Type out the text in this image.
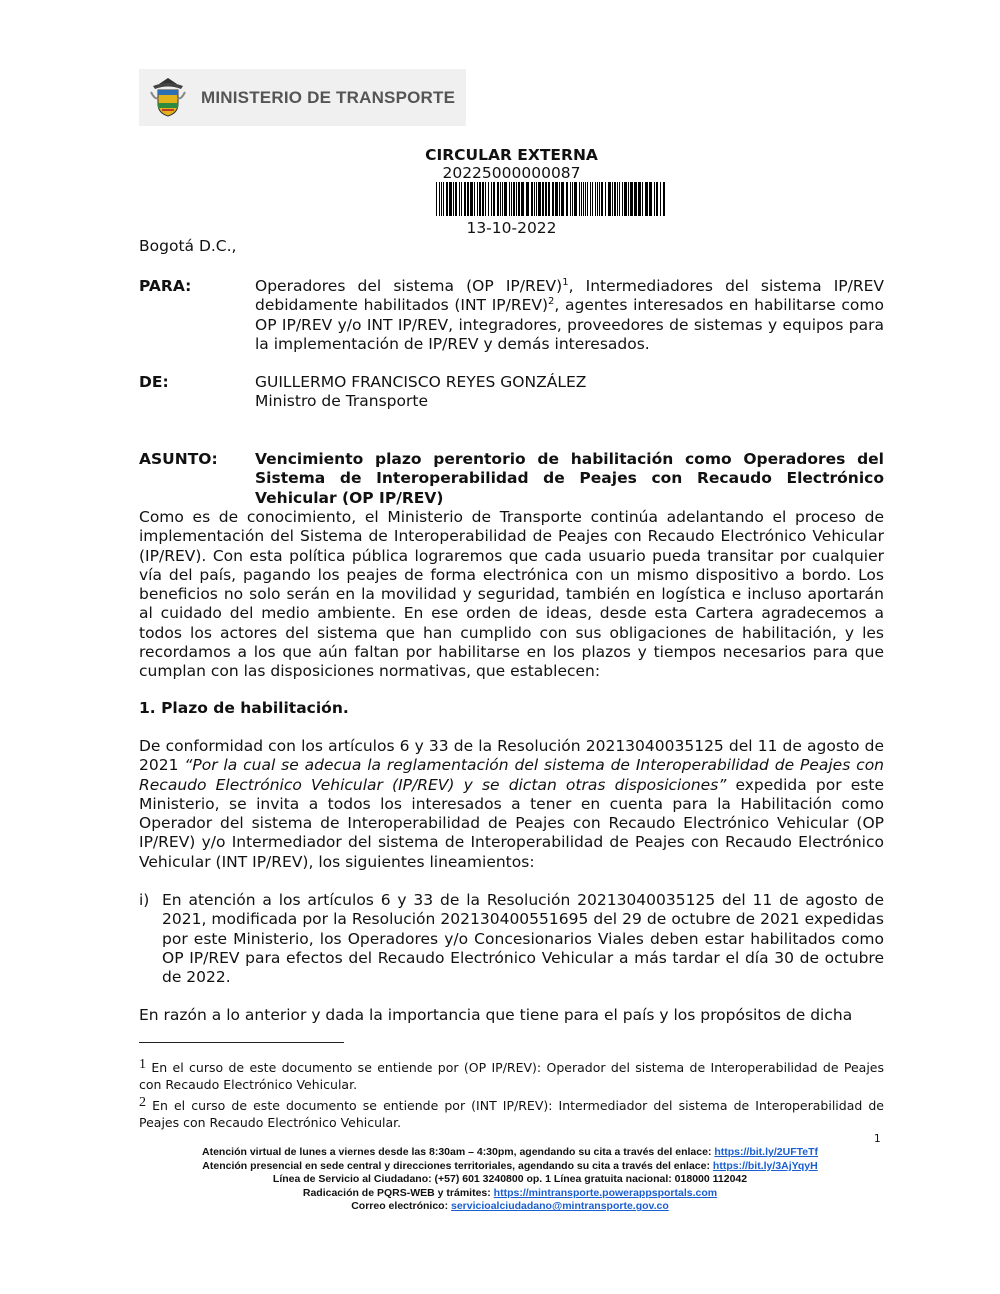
MINISTERIO DE TRANSPORTE
CIRCULAR EXTERNA
20225000000087
13-10-2022
Bogotá D.C.,
PARA:	Operadores del sistema (OP IP/REV)$^1$, Intermediadores del sistema IP/REV debidamente habilitados (INT IP/REV)$^2$, agentes interesados en habilitarse como OP IP/REV y/o INT IP/REV, integradores, proveedores de sistemas y equipos para la implementación de IP/REV y demás interesados.
DE:	GUILLERMO FRANCISCO REYES GONZÁLEZ
Ministro de Transporte
ASUNTO: Vencimiento plazo perentorio de habilitación como Operadores del Sistema de Interoperabilidad de Peajes con Recaudo Electrónico Vehicular (OP IP/REV)
Como es de conocimiento, el Ministerio de Transporte continúa adelantando el proceso de implementación del Sistema de Interoperabilidad de Peajes con Recaudo Electrónico Vehicular (IP/REV). Con esta política pública lograremos que cada usuario pueda transitar por cualquier vía del país, pagando los peajes de forma electrónica con un mismo dispositivo a bordo. Los beneficios no solo serán en la movilidad y seguridad, también en logística e incluso aportarán al cuidado del medio ambiente. En ese orden de ideas, desde esta Cartera agradecemos a todos los actores del sistema que han cumplido con sus obligaciones de habilitación, y les recordamos a los que aún faltan por habilitarse en los plazos y tiempos necesarios para que cumplan con las disposiciones normativas, que establecen:
1. Plazo de habilitación.
De conformidad con los artículos 6 y 33 de la Resolución 20213040035125 del 11 de agosto de 2021 “Por la cual se adecua la reglamentación del sistema de Interoperabilidad de Peajes con Recaudo Electrónico Vehicular (IP/REV) y se dictan otras disposiciones” expedida por este Ministerio, se invita a todos los interesados a tener en cuenta para la Habilitación como Operador del sistema de Interoperabilidad de Peajes con Recaudo Electrónico Vehicular (OP IP/REV) y/o Intermediador del sistema de Interoperabilidad de Peajes con Recaudo Electrónico Vehicular (INT IP/REV), los siguientes lineamientos:
i) En atención a los artículos 6 y 33 de la Resolución 20213040035125 del 11 de agosto de 2021, modificada por la Resolución 202130400551695 del 29 de octubre de 2021 expedidas por este Ministerio, los Operadores y/o Concesionarios Viales deben estar habilitados como OP IP/REV para efectos del Recaudo Electrónico Vehicular a más tardar el día 30 de octubre de 2022.
En razón a lo anterior y dada la importancia que tiene para el país y los propósitos de dicha
$^1$ En el curso de este documento se entiende por (OP IP/REV): Operador del sistema de Interoperabilidad de Peajes con Recaudo Electrónico Vehicular.
$^2$ En el curso de este documento se entiende por (INT IP/REV): Intermediador del sistema de Interoperabilidad de Peajes con Recaudo Electrónico Vehicular.
1
Atención virtual de lunes a viernes desde las 8:30am – 4:30pm, agendando su cita a través del enlace: https://bit.ly/2UFTeTf
Atención presencial en sede central y direcciones territoriales, agendando su cita a través del enlace: https://bit.ly/3AjYqyH
Línea de Servicio al Ciudadano: (+57) 601 3240800 op. 1 Línea gratuita nacional: 018000 112042
Radicación de PQRS-WEB y trámites: https://mintransporte.powerappsportals.com
Correo electrónico: servicioalciudadano@mintransporte.gov.co
